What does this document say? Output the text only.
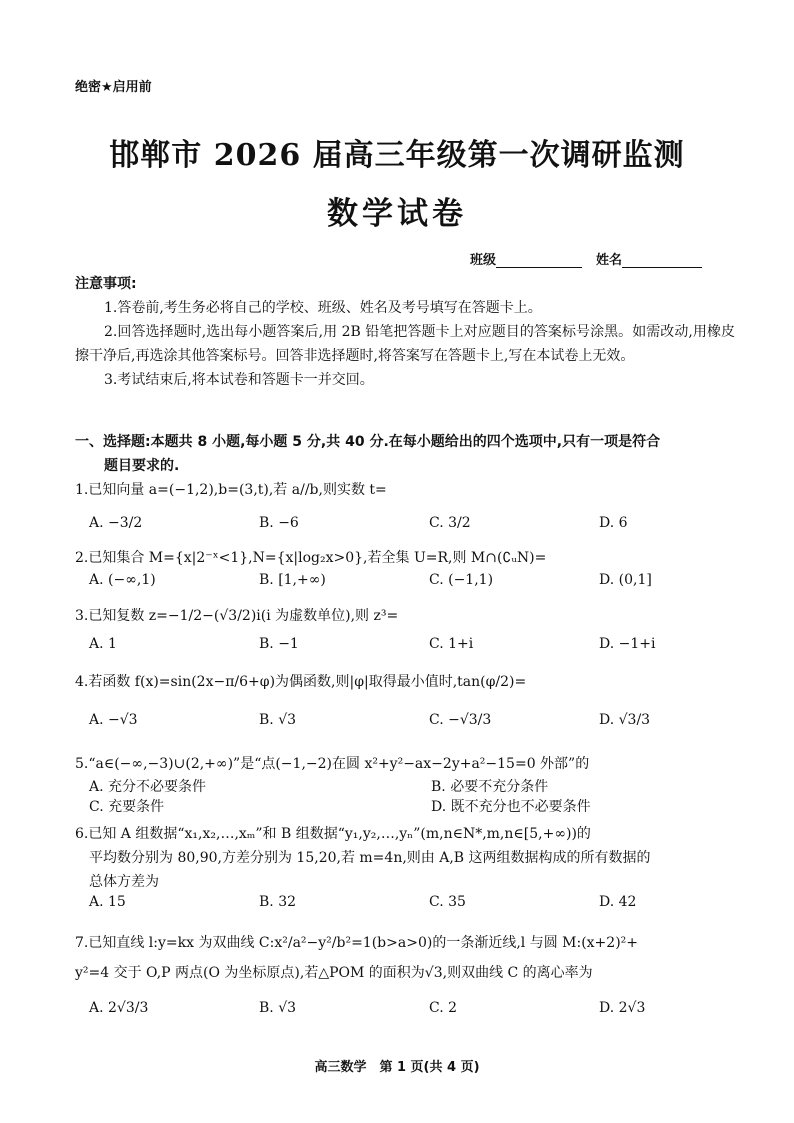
绝密★启用前
邯郸市 2026 届高三年级第一次调研监测
数学试卷
班级	姓名
注意事项:

1.答卷前,考生务必将自己的学校、班级、姓名及考号填写在答题卡上。

2.回答选择题时,选出每小题答案后,用 2B 铅笔把答题卡上对应题目的答案标号涂黑。如需改动,用橡皮擦干净后,再选涂其他答案标号。回答非选择题时,将答案写在答题卡上,写在本试卷上无效。

3.考试结束后,将本试卷和答题卡一并交回。

一、选择题:本题共 8 小题,每小题 5 分,共 40 分.在每小题给出的四个选项中,只有一项是符合
题目要求的.
1.已知向量 a=(−1,2),b=(3,t),若 a//b,则实数 t=
A. −3/2	B. −6	C. 3/2	D. 6
2.已知集合 M={x|2⁻ˣ<1},N={x|log₂x>0},若全集 U=R,则 M∩(∁ᵤN)=
A. (−∞,1)	B. [1,+∞)	C. (−1,1)	D. (0,1]
3.已知复数 z=−1/2−(√3/2)i(i 为虚数单位),则 z³=
A. 1	B. −1	C. 1+i	D. −1+i
4.若函数 f(x)=sin(2x−π/6+φ)为偶函数,则|φ|取得最小值时,tan(φ/2)=
A. −√3	B. √3	C. −√3/3	D. √3/3
5.“a∈(−∞,−3)∪(2,+∞)”是“点(−1,−2)在圆 x²+y²−ax−2y+a²−15=0 外部”的
A. 充分不必要条件	B. 必要不充分条件
C. 充要条件	D. 既不充分也不必要条件
6.已知 A 组数据“x₁,x₂,…,xₘ”和 B 组数据“y₁,y₂,…,yₙ”(m,n∈N*,m,n∈[5,+∞))的
平均数分别为 80,90,方差分别为 15,20,若 m=4n,则由 A,B 这两组数据构成的所有数据的
总体方差为
A. 15	B. 32	C. 35	D. 42
7.已知直线 l:y=kx 为双曲线 C:x²/a²−y²/b²=1(b>a>0)的一条渐近线,l 与圆 M:(x+2)²+
y²=4 交于 O,P 两点(O 为坐标原点),若△POM 的面积为√3,则双曲线 C 的离心率为
A. 2√3/3	B. √3	C. 2	D. 2√3
高三数学　第 1 页(共 4 页)
